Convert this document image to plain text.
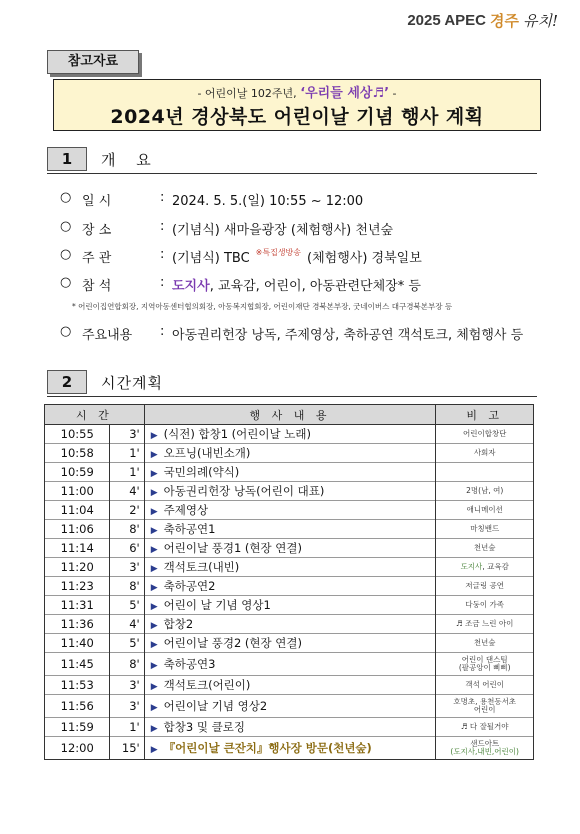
2025 APEC 경주 유치!
참고자료
- 어린이날 102주년, ‘우리들 세상♬’ -
2024년 경상북도 어린이날 기념 행사 계획
1	개 요
○ 일 시	: 2024. 5. 5.(일) 10:55 ~ 12:00
○ 장 소	: (기념식) 새마을광장 (체험행사) 천년숲
○ 주 관	: (기념식) TBC ※특집생방송 (체험행사) 경북일보
○ 참 석	: 도지사 , 교육감, 어린이, 아동관련단체장* 등
* 어린이집연합회장, 지역아동센터협의회장, 아동복지협회장, 어린이재단 경북본부장, 굿네이버스 대구경북본부장 등
○ 주요내용	: 아동권리헌장 낭독, 주제영상, 축하공연 객석토크, 체험행사 등
2	시간계획
시 간		행 사 내 용	비 고
10:55	3'	▶ (식전) 합창1 (어린이날 노래)	어린이합창단
10:58	1'	▶ 오프닝(내빈소개)	사회자
10:59	1'	▶ 국민의례(약식)	
11:00	4'	▶ 아동권리헌장 낭독(어린이 대표)	2명(남, 여)
11:04	2'	▶ 주제영상	애니메이션
11:06	8'	▶ 축하공연1	마칭밴드
11:14	6'	▶ 어린이날 풍경1 (현장 연결)	천년숲
11:20	3'	▶ 객석토크(내빈)	도지사, 교육감
11:23	8'	▶ 축하공연2	저글링 공연
11:31	5'	▶ 어린이 날 기념 영상1	다둥이 가족
11:36	4'	▶ 합창2	♬ 조금 느린 아이
11:40	5'	▶ 어린이날 풍경2 (현장 연결)	천년숲
11:45	8'	▶ 축하공연3	어린이 댄스팀
(팔공앙이 삐삐)
11:53	3'	▶ 객석토크(어린이)	객석 어린이
11:56	3'	▶ 어린이날 기념 영상2	호명초, 용천동서초
어린이
11:59	1'	▶ 합창3 및 클로징	♬ 다 잘될거야
12:00	15'	▶ 『어린이날 큰잔치』행사장 방문(천년숲)	샌드아트
(도지사,내빈,어린이)
